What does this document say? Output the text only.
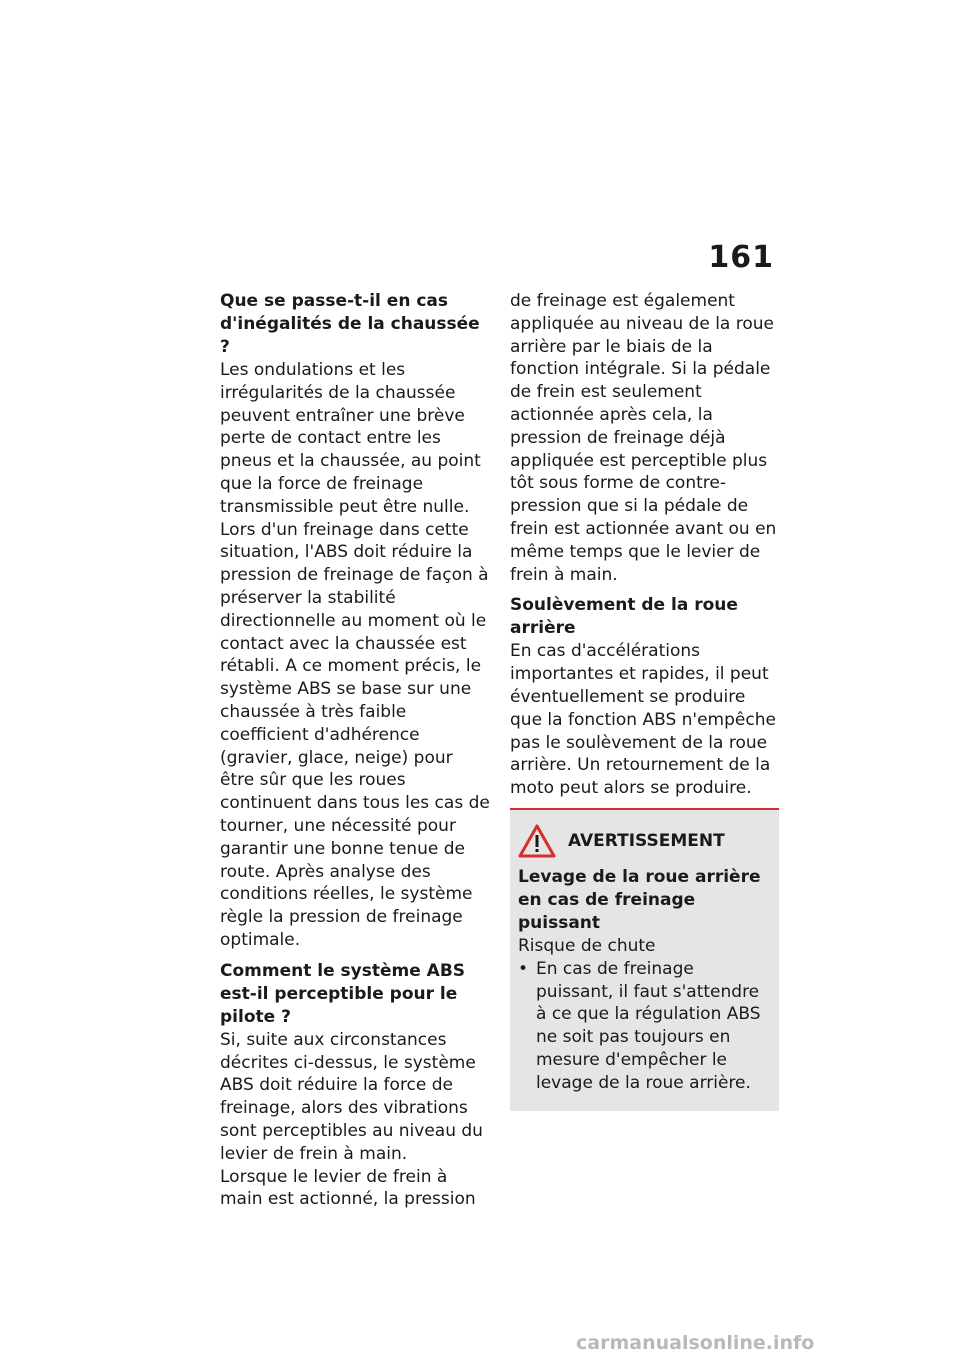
161

Que se passe-t-il en cas d'inégalités de la chaussée ?

Les ondulations et les irrégularités de la chaussée peuvent entraîner une brève perte de contact entre les pneus et la chaussée, au point que la force de freinage transmissible peut être nulle. Lors d'un freinage dans cette situation, l'ABS doit réduire la pression de freinage de façon à préserver la stabilité directionnelle au moment où le contact avec la chaussée est rétabli. A ce moment précis, le système ABS se base sur une chaussée à très faible coefficient d'adhérence (gravier, glace, neige) pour être sûr que les roues continuent dans tous les cas de tourner, une nécessité pour garantir une bonne tenue de route. Après analyse des conditions réelles, le système règle la pression de freinage optimale.

Comment le système ABS est-il perceptible pour le pilote ?

Si, suite aux circonstances décrites ci-dessus, le système ABS doit réduire la force de freinage, alors des vibrations sont perceptibles au niveau du levier de frein à main.

Lorsque le levier de frein à main est actionné, la pression

de freinage est également appliquée au niveau de la roue arrière par le biais de la fonction intégrale. Si la pédale de frein est seulement actionnée après cela, la pression de freinage déjà appliquée est perceptible plus tôt sous forme de contre-pression que si la pédale de frein est actionnée avant ou en même temps que le levier de frein à main.

Soulèvement de la roue arrière

En cas d'accélérations importantes et rapides, il peut éventuellement se produire que la fonction ABS n'empêche pas le soulèvement de la roue arrière. Un retournement de la moto peut alors se produire.

AVERTISSEMENT

Levage de la roue arrière en cas de freinage puissant

Risque de chute

• En cas de freinage puissant, il faut s'attendre à ce que la régulation ABS ne soit pas toujours en mesure d'empêcher le levage de la roue arrière.
carmanualsonline.info
